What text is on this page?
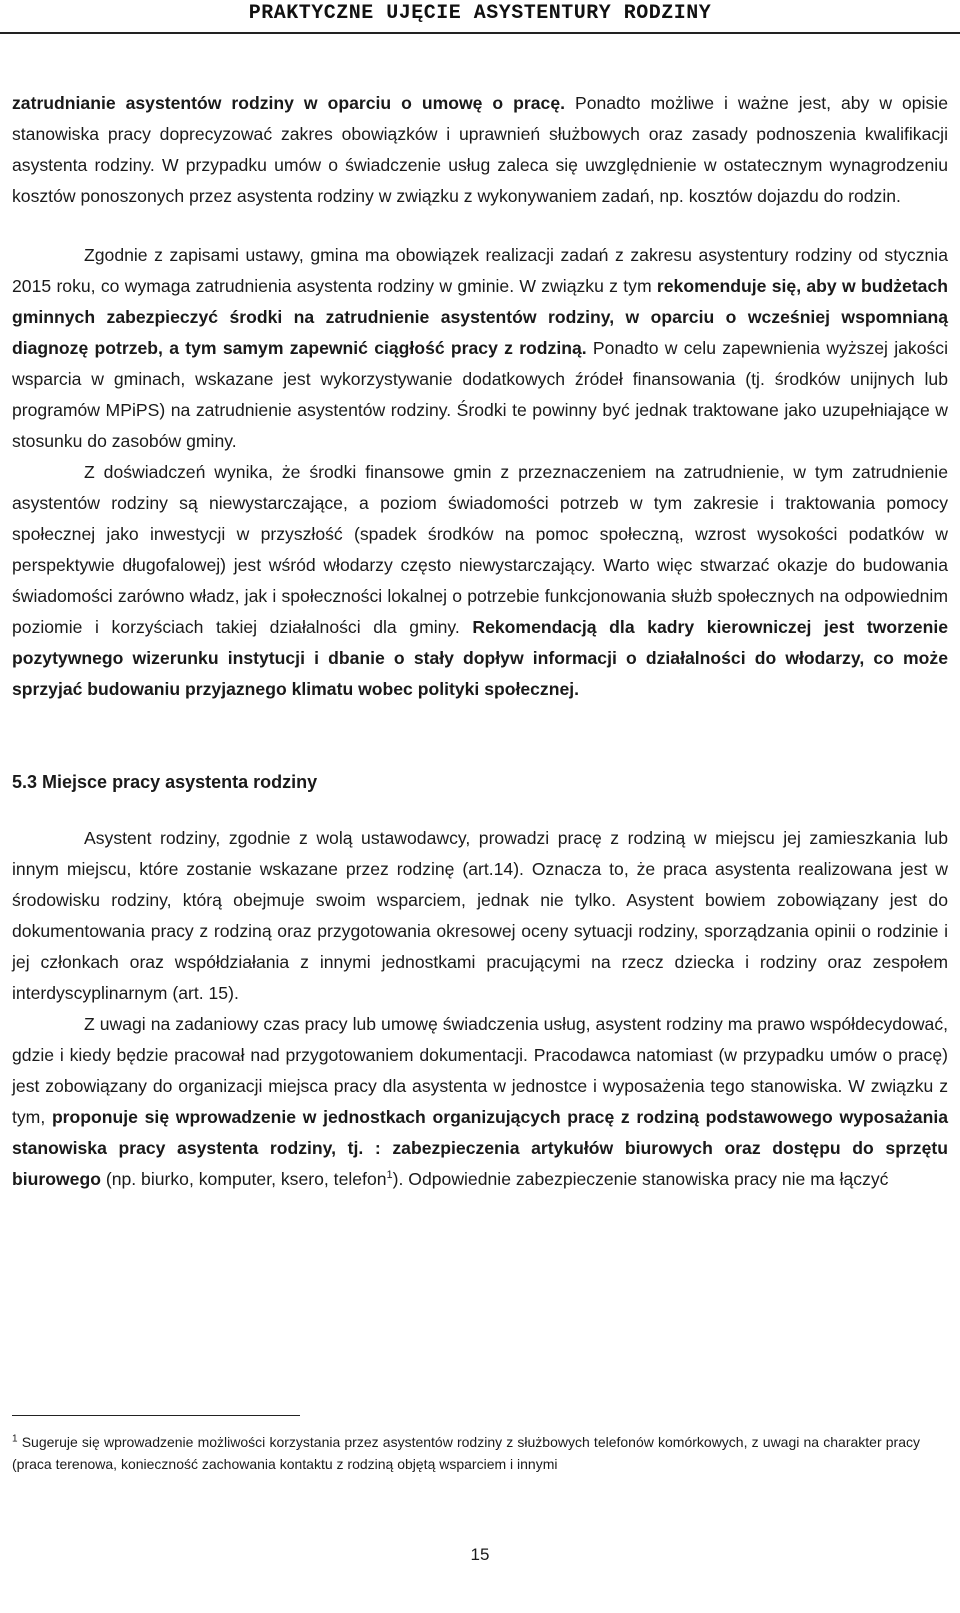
PRAKTYCZNE UJĘCIE ASYSTENTURY RODZINY

zatrudnianie asystentów rodziny w oparciu o umowę o pracę. Ponadto możliwe i ważne jest, aby w opisie stanowiska pracy doprecyzować zakres obowiązków i uprawnień służbowych oraz zasady podnoszenia kwalifikacji asystenta rodziny. W przypadku umów o świadczenie usług zaleca się uwzględnienie w ostatecznym wynagrodzeniu kosztów ponoszonych przez asystenta rodziny w związku z wykonywaniem zadań, np. kosztów dojazdu do rodzin.

Zgodnie z zapisami ustawy, gmina ma obowiązek realizacji zadań z zakresu asystentury rodziny od stycznia 2015 roku, co wymaga zatrudnienia asystenta rodziny w gminie. W związku z tym rekomenduje się, aby w budżetach gminnych zabezpieczyć środki na zatrudnienie asystentów rodziny, w oparciu o wcześniej wspomnianą diagnozę potrzeb, a tym samym zapewnić ciągłość pracy z rodziną. Ponadto w celu zapewnienia wyższej jakości wsparcia w gminach, wskazane jest wykorzystywanie dodatkowych źródeł finansowania (tj. środków unijnych lub programów MPiPS) na zatrudnienie asystentów rodziny. Środki te powinny być jednak traktowane jako uzupełniające w stosunku do zasobów gminy.

Z doświadczeń wynika, że środki finansowe gmin z przeznaczeniem na zatrudnienie, w tym zatrudnienie asystentów rodziny są niewystarczające, a poziom świadomości potrzeb w tym zakresie i traktowania pomocy społecznej jako inwestycji w przyszłość (spadek środków na pomoc społeczną, wzrost wysokości podatków w perspektywie długofalowej) jest wśród włodarzy często niewystarczający. Warto więc stwarzać okazje do budowania świadomości zarówno władz, jak i społeczności lokalnej o potrzebie funkcjonowania służb społecznych na odpowiednim poziomie i korzyściach takiej działalności dla gminy. Rekomendacją dla kadry kierowniczej jest tworzenie pozytywnego wizerunku instytucji i dbanie o stały dopływ informacji o działalności do włodarzy, co może sprzyjać budowaniu przyjaznego klimatu wobec polityki społecznej.

5.3 Miejsce pracy asystenta rodziny

Asystent rodziny, zgodnie z wolą ustawodawcy, prowadzi pracę z rodziną w miejscu jej zamieszkania lub innym miejscu, które zostanie wskazane przez rodzinę (art.14). Oznacza to, że praca asystenta realizowana jest w środowisku rodziny, którą obejmuje swoim wsparciem, jednak nie tylko. Asystent bowiem zobowiązany jest do dokumentowania pracy z rodziną oraz przygotowania okresowej oceny sytuacji rodziny, sporządzania opinii o rodzinie i jej członkach oraz współdziałania z innymi jednostkami pracującymi na rzecz dziecka i rodziny oraz zespołem interdyscyplinarnym (art. 15).

Z uwagi na zadaniowy czas pracy lub umowę świadczenia usług, asystent rodziny ma prawo współdecydować, gdzie i kiedy będzie pracował nad przygotowaniem dokumentacji. Pracodawca natomiast (w przypadku umów o pracę) jest zobowiązany do organizacji miejsca pracy dla asystenta w jednostce i wyposażenia tego stanowiska. W związku z tym, proponuje się wprowadzenie w jednostkach organizujących pracę z rodziną podstawowego wyposażania stanowiska pracy asystenta rodziny, tj. : zabezpieczenia artykułów biurowych oraz dostępu do sprzętu biurowego (np. biurko, komputer, ksero, telefon$^1$). Odpowiednie zabezpieczenie stanowiska pracy nie ma łączyć

$^1$ Sugeruje się wprowadzenie możliwości korzystania przez asystentów rodziny z służbowych telefonów komórkowych, z uwagi na charakter pracy (praca terenowa, konieczność zachowania kontaktu z rodziną objętą wsparciem i innymi
15
